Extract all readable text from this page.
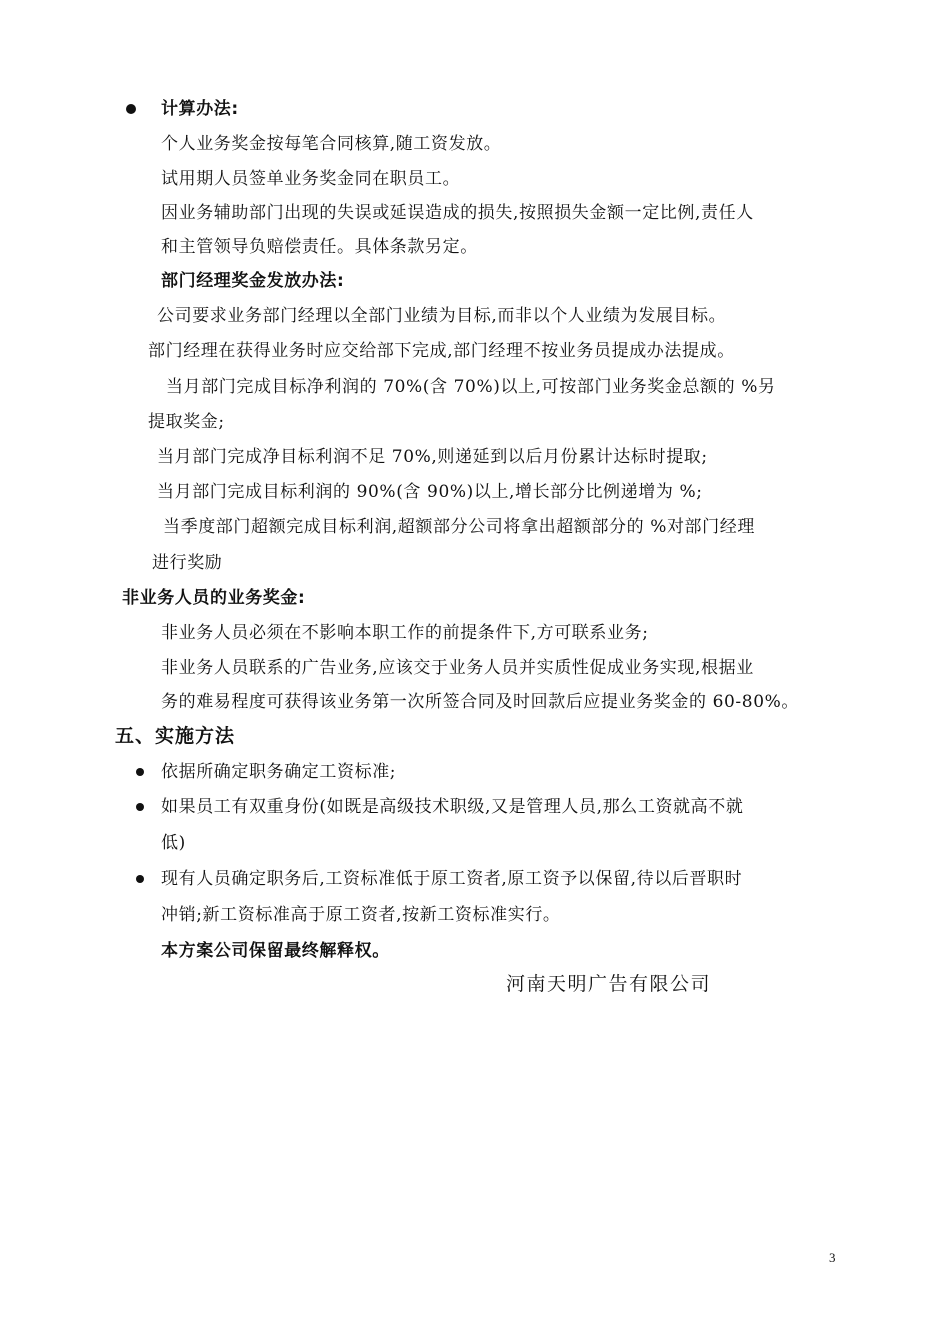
计算办法:
个人业务奖金按每笔合同核算,随工资发放。
试用期人员签单业务奖金同在职员工。
因业务辅助部门出现的失误或延误造成的损失,按照损失金额一定比例,责任人
和主管领导负赔偿责任。具体条款另定。
部门经理奖金发放办法:
公司要求业务部门经理以全部门业绩为目标,而非以个人业绩为发展目标。
部门经理在获得业务时应交给部下完成,部门经理不按业务员提成办法提成。
当月部门完成目标净利润的 70%(含 70%)以上,可按部门业务奖金总额的 %另
提取奖金;
当月部门完成净目标利润不足 70%,则递延到以后月份累计达标时提取;
当月部门完成目标利润的 90%(含 90%)以上,增长部分比例递增为 %;
当季度部门超额完成目标利润,超额部分公司将拿出超额部分的 %对部门经理
进行奖励
非业务人员的业务奖金:
非业务人员必须在不影响本职工作的前提条件下,方可联系业务;
非业务人员联系的广告业务,应该交于业务人员并实质性促成业务实现,根据业
务的难易程度可获得该业务第一次所签合同及时回款后应提业务奖金的 60-80%。
五、实施方法
依据所确定职务确定工资标准;
如果员工有双重身份(如既是高级技术职级,又是管理人员,那么工资就高不就
低)
现有人员确定职务后,工资标准低于原工资者,原工资予以保留,待以后晋职时
冲销;新工资标准高于原工资者,按新工资标准实行。
本方案公司保留最终解释权。
河南天明广告有限公司
3
